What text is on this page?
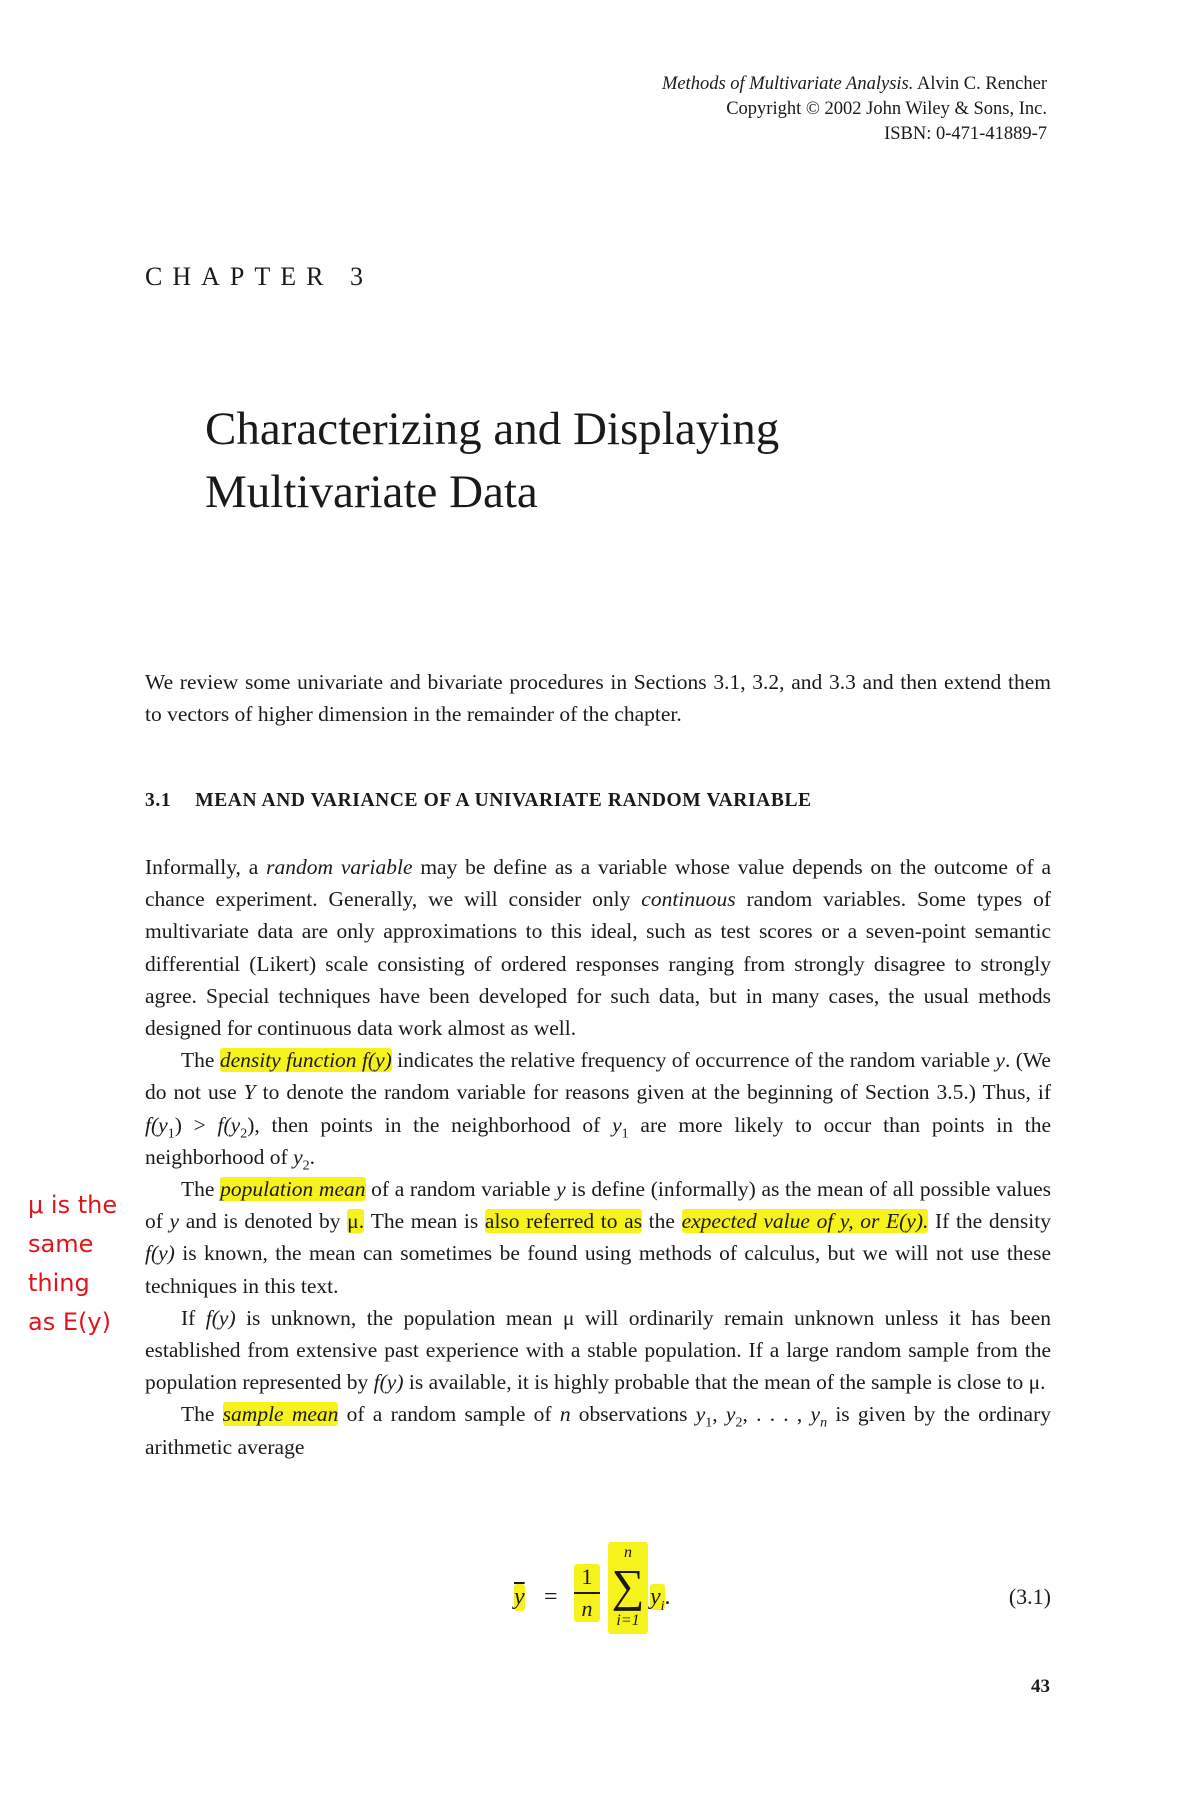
Methods of Multivariate Analysis. Alvin C. Rencher
Copyright © 2002 John Wiley & Sons, Inc.
ISBN: 0-471-41889-7
CHAPTER 3
Characterizing and Displaying
Multivariate Data

We review some univariate and bivariate procedures in Sections 3.1, 3.2, and 3.3 and then extend them to vectors of higher dimension in the remainder of the chapter.

3.1 MEAN AND VARIANCE OF A UNIVARIATE RANDOM VARIABLE

Informally, a random variable may be define as a variable whose value depends on the outcome of a chance experiment. Generally, we will consider only continuous random variables. Some types of multivariate data are only approximations to this ideal, such as test scores or a seven-point semantic differential (Likert) scale consisting of ordered responses ranging from strongly disagree to strongly agree. Special techniques have been developed for such data, but in many cases, the usual methods designed for continuous data work almost as well.

The density function f(y) indicates the relative frequency of occurrence of the random variable y. (We do not use Y to denote the random variable for reasons given at the beginning of Section 3.5.) Thus, if $f(y_1) > f(y_2)$, then points in the neighborhood of $y_1$ are more likely to occur than points in the neighborhood of $y_2$.

The population mean of a random variable y is define (informally) as the mean of all possible values of y and is denoted by μ. The mean is also referred to as the expected value of y, or E(y). If the density f(y) is known, the mean can sometimes be found using methods of calculus, but we will not use these techniques in this text.

If f(y) is unknown, the population mean μ will ordinarily remain unknown unless it has been established from extensive past experience with a stable population. If a large random sample from the population represented by f(y) is available, it is highly probable that the mean of the sample is close to μ.

The sample mean of a random sample of n observations $y_1$, $y_2$, . . . , $y_n$ is given by the ordinary arithmetic average

$\overline{y}$ =
1
n
n
∑
i=1
$y_i$.	(3.1)
μ is the
same
thing
as E(y)
43
